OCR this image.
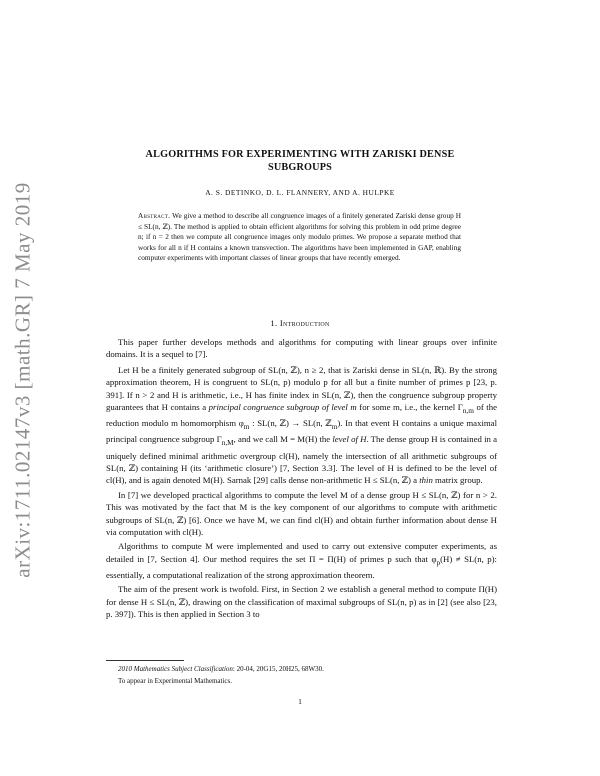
arXiv:1711.02147v3 [math.GR] 7 May 2019
ALGORITHMS FOR EXPERIMENTING WITH ZARISKI DENSE
SUBGROUPS
A. S. DETINKO, D. L. FLANNERY, AND A. HULPKE
Abstract. We give a method to describe all congruence images of a finitely generated Zariski dense group H ≤ SL(n, ℤ). The method is applied to obtain efficient algorithms for solving this problem in odd prime degree n; if n = 2 then we compute all congruence images only modulo primes. We propose a separate method that works for all n if H contains a known transvection. The algorithms have been implemented in GAP, enabling computer experiments with important classes of linear groups that have recently emerged.
1. Introduction

This paper further develops methods and algorithms for computing with linear groups over infinite domains. It is a sequel to [7].

Let H be a finitely generated subgroup of SL(n, ℤ), n ≥ 2, that is Zariski dense in SL(n, ℝ). By the strong approximation theorem, H is congruent to SL(n, p) modulo p for all but a finite number of primes p [23, p. 391]. If n > 2 and H is arithmetic, i.e., H has finite index in SL(n, ℤ), then the congruence subgroup property guarantees that H contains a principal congruence subgroup of level m for some m, i.e., the kernel $\Gamma_{n,m}$ of the reduction modulo m homomorphism $\varphi_m$ : SL(n, ℤ) → SL(n, ℤ$_m$). In that event H contains a unique maximal principal congruence subgroup $\Gamma_{n,M}$, and we call M = M(H) the level of H. The dense group H is contained in a uniquely defined minimal arithmetic overgroup cl(H), namely the intersection of all arithmetic subgroups of SL(n, ℤ) containing H (its ‘arithmetic closure’) [7, Section 3.3]. The level of H is defined to be the level of cl(H), and is again denoted M(H). Sarnak [29] calls dense non-arithmetic H ≤ SL(n, ℤ) a thin matrix group.

In [7] we developed practical algorithms to compute the level M of a dense group H ≤ SL(n, ℤ) for n > 2. This was motivated by the fact that M is the key component of our algorithms to compute with arithmetic subgroups of SL(n, ℤ) [6]. Once we have M, we can find cl(H) and obtain further information about dense H via computation with cl(H).

Algorithms to compute M were implemented and used to carry out extensive computer experiments, as detailed in [7, Section 4]. Our method requires the set Π = Π(H) of primes p such that $\varphi_p(H) \ne SL(n$, p): essentially, a computational realization of the strong approximation theorem.

The aim of the present work is twofold. First, in Section 2 we establish a general method to compute Π(H) for dense H ≤ SL(n, ℤ), drawing on the classification of maximal subgroups of SL(n, p) as in [2] (see also [23, p. 397]). This is then applied in Section 3 to

2010 Mathematics Subject Classification: 20-04, 20G15, 20H25, 68W30.
To appear in Experimental Mathematics.
1
